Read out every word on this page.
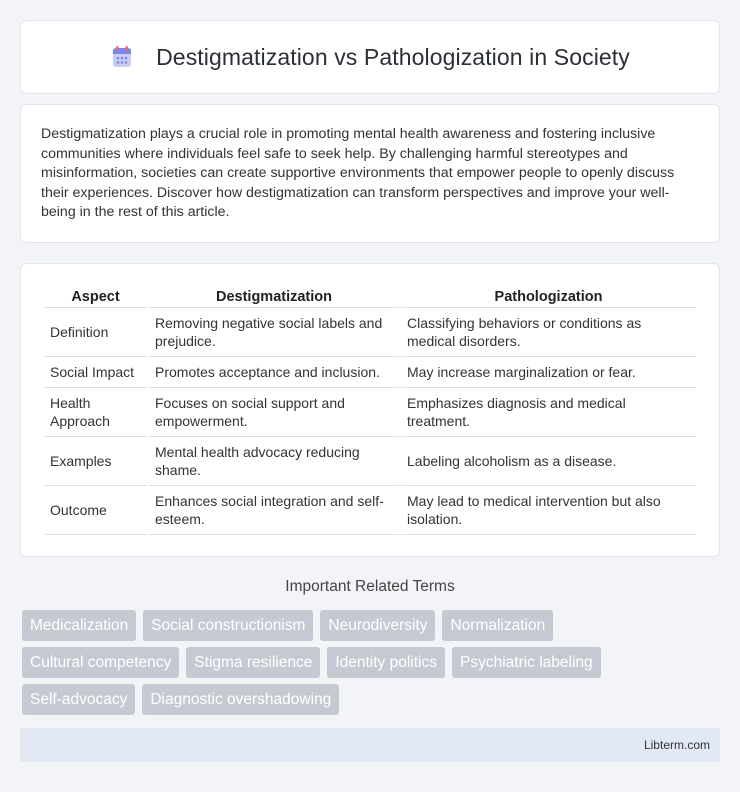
Destigmatization vs Pathologization in Society

Destigmatization plays a crucial role in promoting mental health awareness and fostering inclusive communities where individuals feel safe to seek help. By challenging harmful stereotypes and misinformation, societies can create supportive environments that empower people to openly discuss their experiences. Discover how destigmatization can transform perspectives and improve your well-being in the rest of this article.

Aspect	Destigmatization	Pathologization
Definition	Removing negative social labels and prejudice.	Classifying behaviors or conditions as medical disorders.
Social Impact	Promotes acceptance and inclusion.	May increase marginalization or fear.
Health Approach	Focuses on social support and empowerment.	Emphasizes diagnosis and medical treatment.
Examples	Mental health advocacy reducing shame.	Labeling alcoholism as a disease.
Outcome	Enhances social integration and self-esteem.	May lead to medical intervention but also isolation.
Important Related Terms
Medicalization	Social constructionism	Neurodiversity	Normalization
Cultural competency	Stigma resilience	Identity politics	Psychiatric labeling
Self-advocacy	Diagnostic overshadowing
Libterm.com
